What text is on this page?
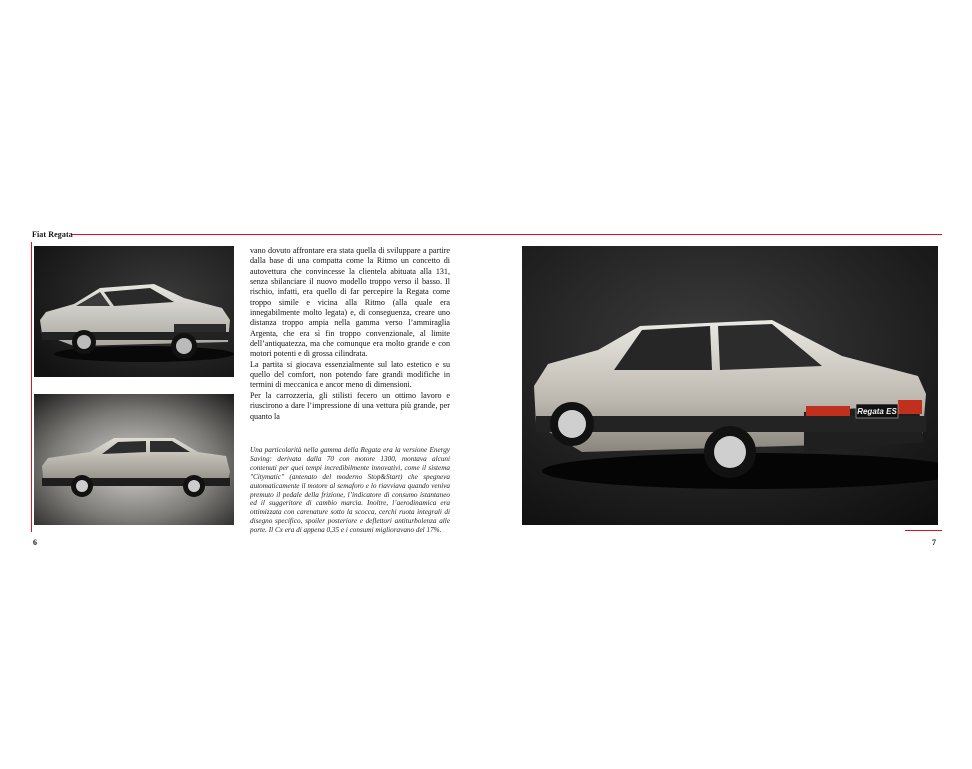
Fiat Regata

vano dovuto affrontare era stata quella di sviluppare a partire dalla base di una compatta come la Ritmo un concetto di autovettura che convincesse la clientela abituata alla 131, senza sbilanciare il nuovo modello troppo verso il basso. Il rischio, infatti, era quello di far percepire la Regata come troppo simile e vicina alla Ritmo (alla quale era innegabilmente molto legata) e, di conseguenza, creare uno distanza troppo ampia nella gamma verso l’ammiraglia Argenta, che era sì fin troppo convenzionale, al limite dell’antiquatezza, ma che comunque era molto grande e con motori potenti e di grossa cilindrata.

La partita si giocava essenzialmente sul lato estetico e su quello del comfort, non potendo fare grandi modifiche in termini di meccanica e ancor meno di dimensioni.

Per la carrozzeria, gli stilisti fecero un ottimo lavoro e riuscirono a dare l’impressione di una vettura più grande, per quanto la

Una particolarità nella gamma della Regata era la versione Energy Saving: derivata dalla 70 con motore 1300, montava alcuni contenuti per quei tempi incredibilmente innovativi, come il sistema "Citymatic" (antenato del moderno Stop&Start) che spegneva automaticamente il motore al semaforo e lo riavviava quando veniva premuto il pedale della frizione, l’indicatore di consumo istantaneo ed il suggeritore di cambio marcia. Inoltre, l’aerodinamica era ottimizzata con carenature sotto la scocca, cerchi ruota integrali di disegno specifico, spoiler posteriore e deflettori antiturbolenza alle porte. Il Cx era di appena 0,35 e i consumi miglioravano del 17%.
6	7
Regata ES
